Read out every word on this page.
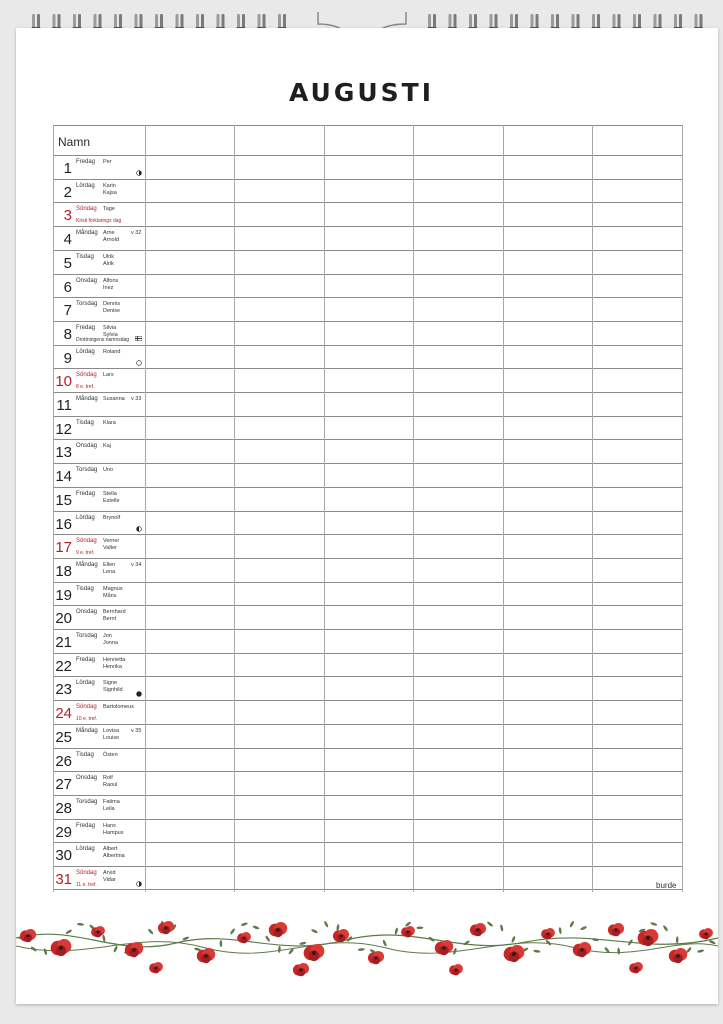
AUGUSTI
Namn
1 Fredag Per
2 Lördag Karin
Kajsa
3 Söndag Tage
Kristi förklarings dag
4 Måndag Arne
Arnold
v 32
5 Tisdag Ulrik
Alrik
6 Onsdag Alfons
Inez
7 Torsdag Dennis
Denise
8 Fredag Silvia
Sylvia
Drottningens namnsdag
9 Lördag Roland
10 Söndag Lars
8 e. tref.
11 Måndag Susanna v 33
12 Tisdag Klara
13 Onsdag Kaj
14 Torsdag Uno
15 Fredag Stella
Estelle
16 Lördag Brynolf
17 Söndag Verner
Valter
9 e. tref.
18 Måndag Ellen
Lena
v 34
19 Tisdag Magnus
Måns
20 Onsdag Bernhard
Bernt
21 Torsdag Jon
Jonna
22 Fredag Henrietta
Henrika
23 Lördag Signe
Signhild
24 Söndag Bartolomeus
10 e. tref.
25 Måndag Lovisa
Louise
v 35
26 Tisdag Östen
27 Onsdag Rolf
Raoul
28 Torsdag Fatima
Leila
29 Fredag Hans
Hampus
30 Lördag Albert
Albertina
31 Söndag Arvid
Vidar
11 e. tref.	burde
